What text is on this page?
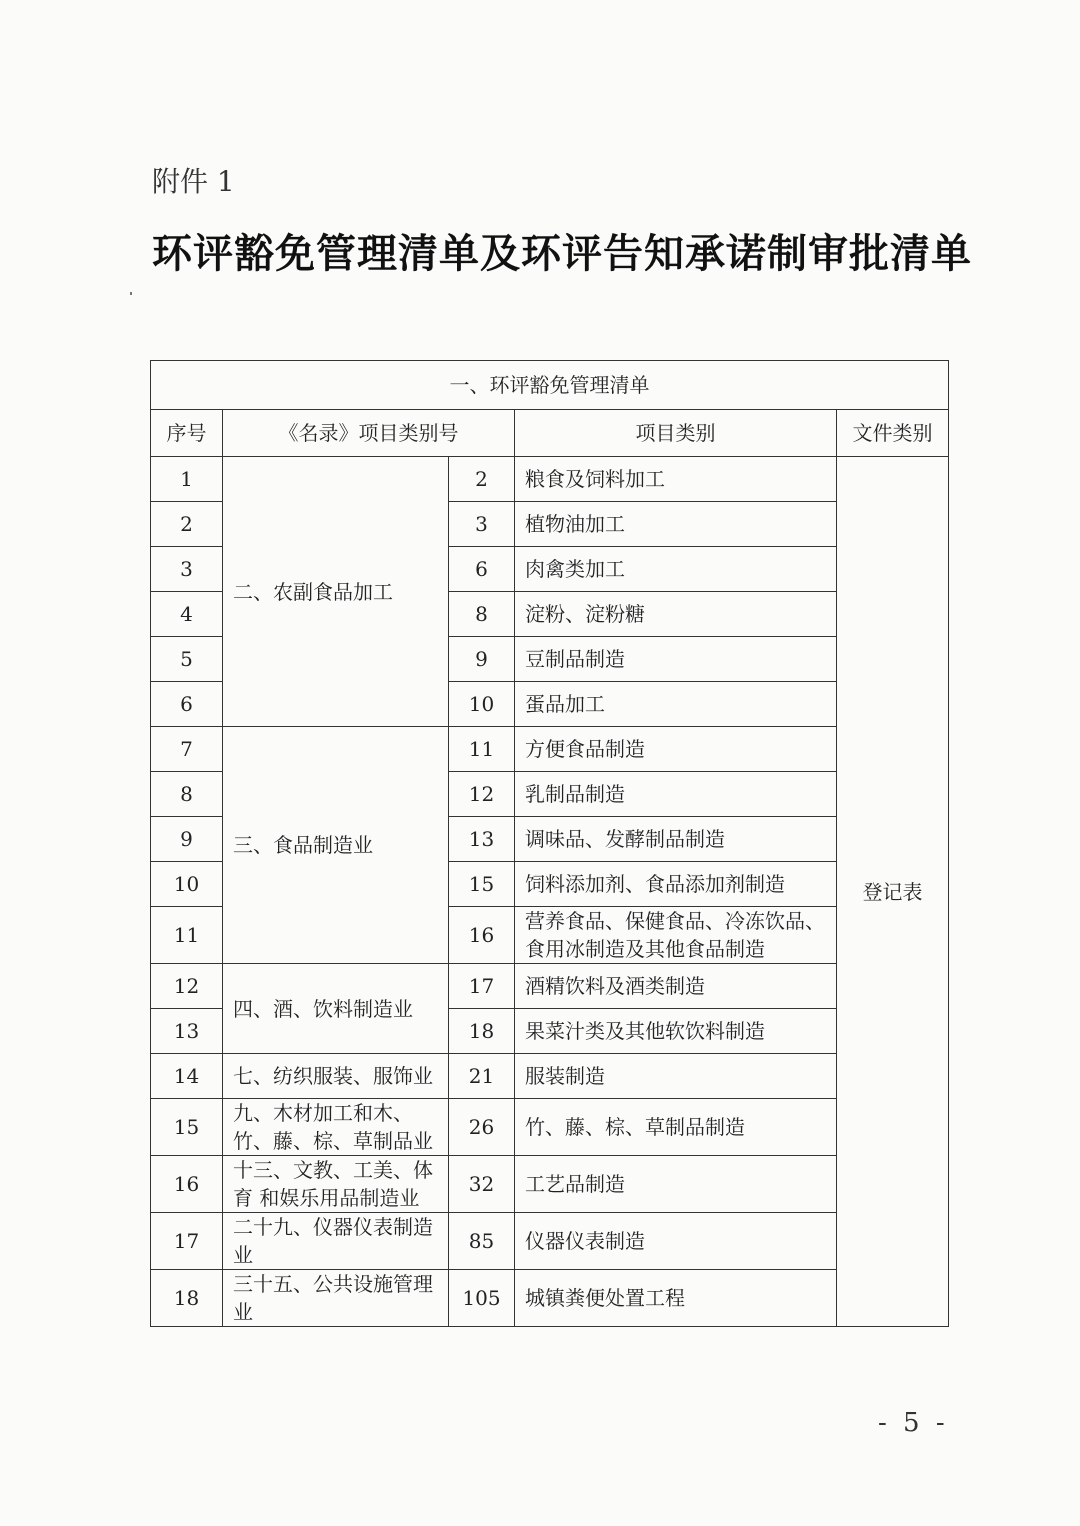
附件 1
环评豁免管理清单及环评告知承诺制审批清单
一、环评豁免管理清单				
序号	《名录》项目类别号		项目类别	文件类别
1	二、农副食品加工	2	粮食及饲料加工	登记表
2		3	植物油加工	
3		6	肉禽类加工	
4		8	淀粉、淀粉糖	
5		9	豆制品制造	
6		10	蛋品加工	
7	三、食品制造业	11	方便食品制造	
8		12	乳制品制造	
9		13	调味品、发酵制品制造	
10		15	饲料添加剂、食品添加剂制造	
11		16	营养食品、保健食品、冷冻饮品、食用冰制造及其他食品制造	
12	四、酒、饮料制造业	17	酒精饮料及酒类制造	
13		18	果菜汁类及其他软饮料制造	
14	七、纺织服装、服饰业	21	服装制造	
15	九、木材加工和木、竹、藤、棕、草制品业	26	竹、藤、棕、草制品制造	
16	十三、文教、工美、体育 和娱乐用品制造业	32	工艺品制造	
17	二十九、仪器仪表制造业	85	仪器仪表制造	
18	三十五、公共设施管理业	105	城镇粪便处置工程	
- 5 -
